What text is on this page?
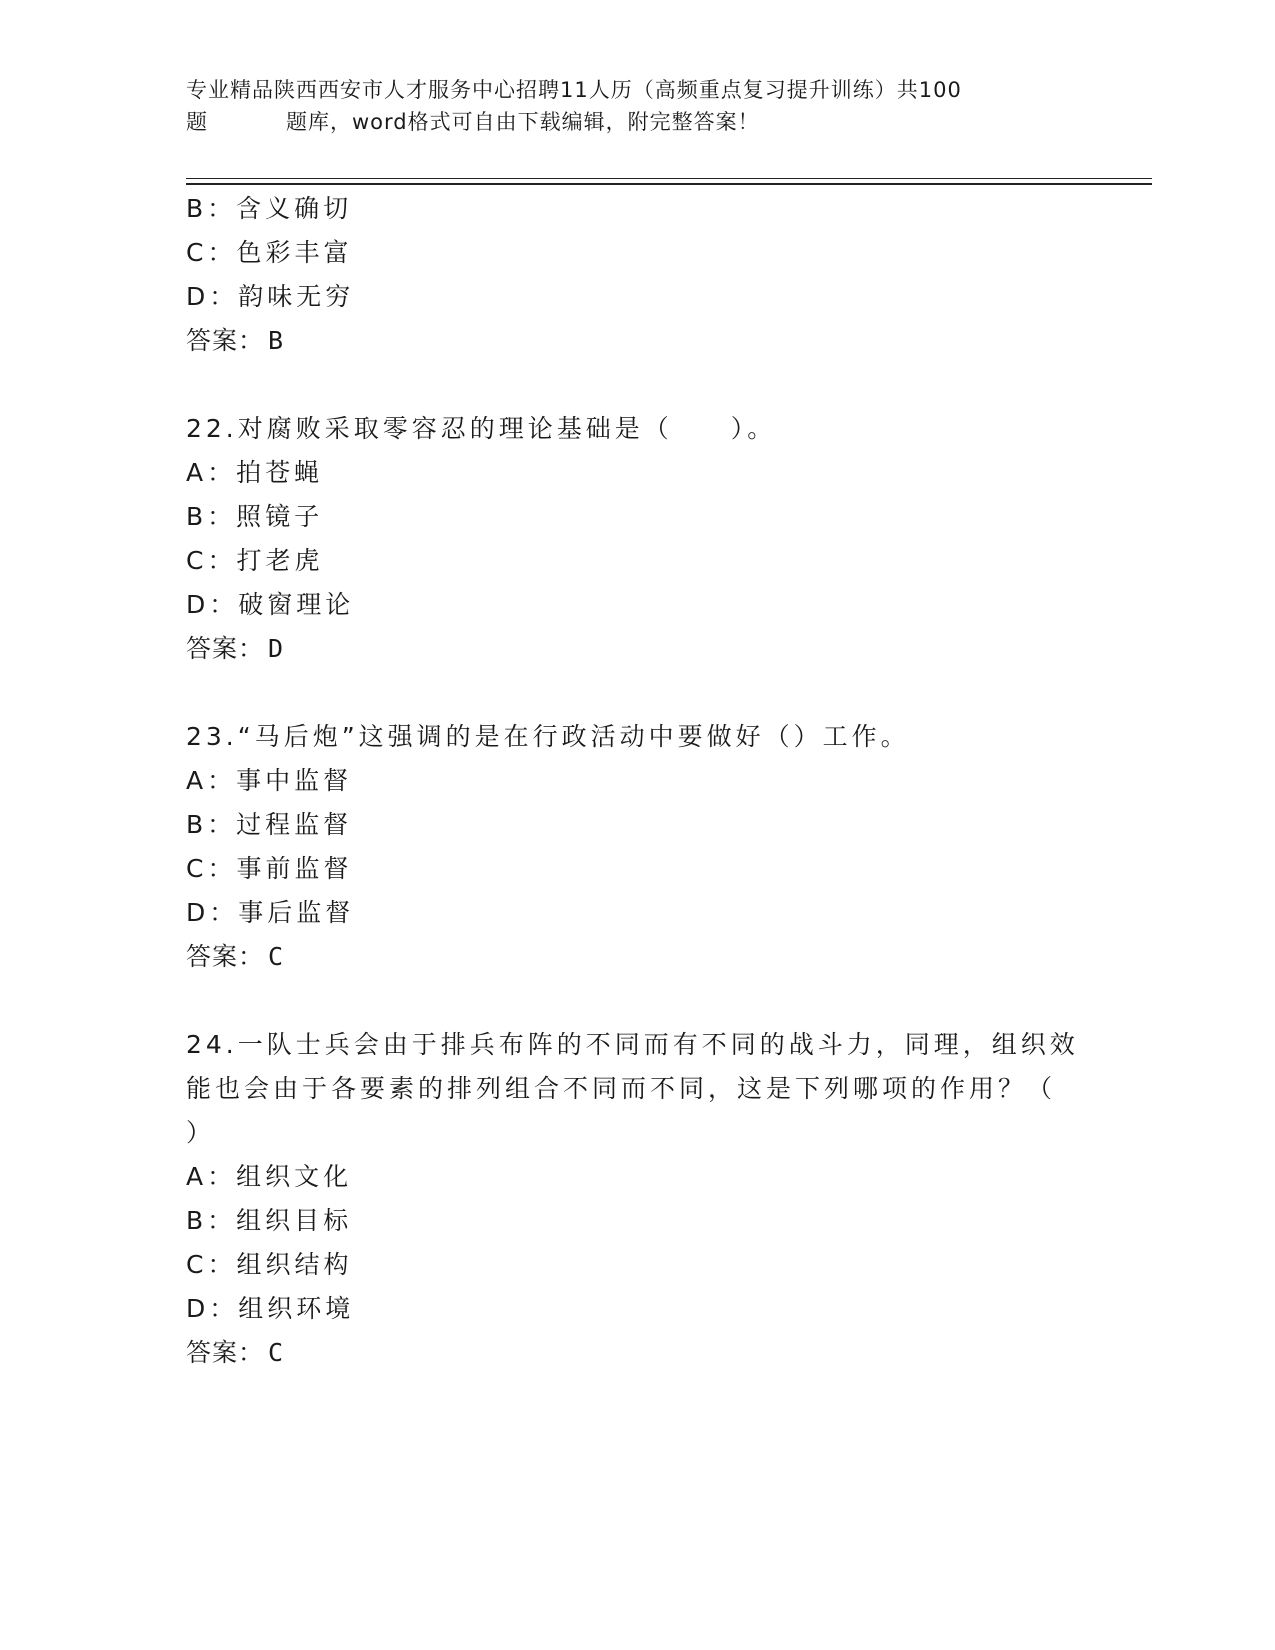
专业精品陕西西安市人才服务中心招聘11人历（高频重点复习提升训练）共100
题	题库，word格式可自由下载编辑，附完整答案！
B：含义确切
C：色彩丰富
D：韵味无穷
答案： B
22.对腐败采取零容忍的理论基础是（　　）。
A：拍苍蝇
B：照镜子
C：打老虎
D：破窗理论
答案： D
23.“马后炮”这强调的是在行政活动中要做好（）工作。
A：事中监督
B：过程监督
C：事前监督
D：事后监督
答案： C
24.一队士兵会由于排兵布阵的不同而有不同的战斗力，同理，组织效
能也会由于各要素的排列组合不同而不同，这是下列哪项的作用？（
）
A：组织文化
B：组织目标
C：组织结构
D：组织环境
答案： C
